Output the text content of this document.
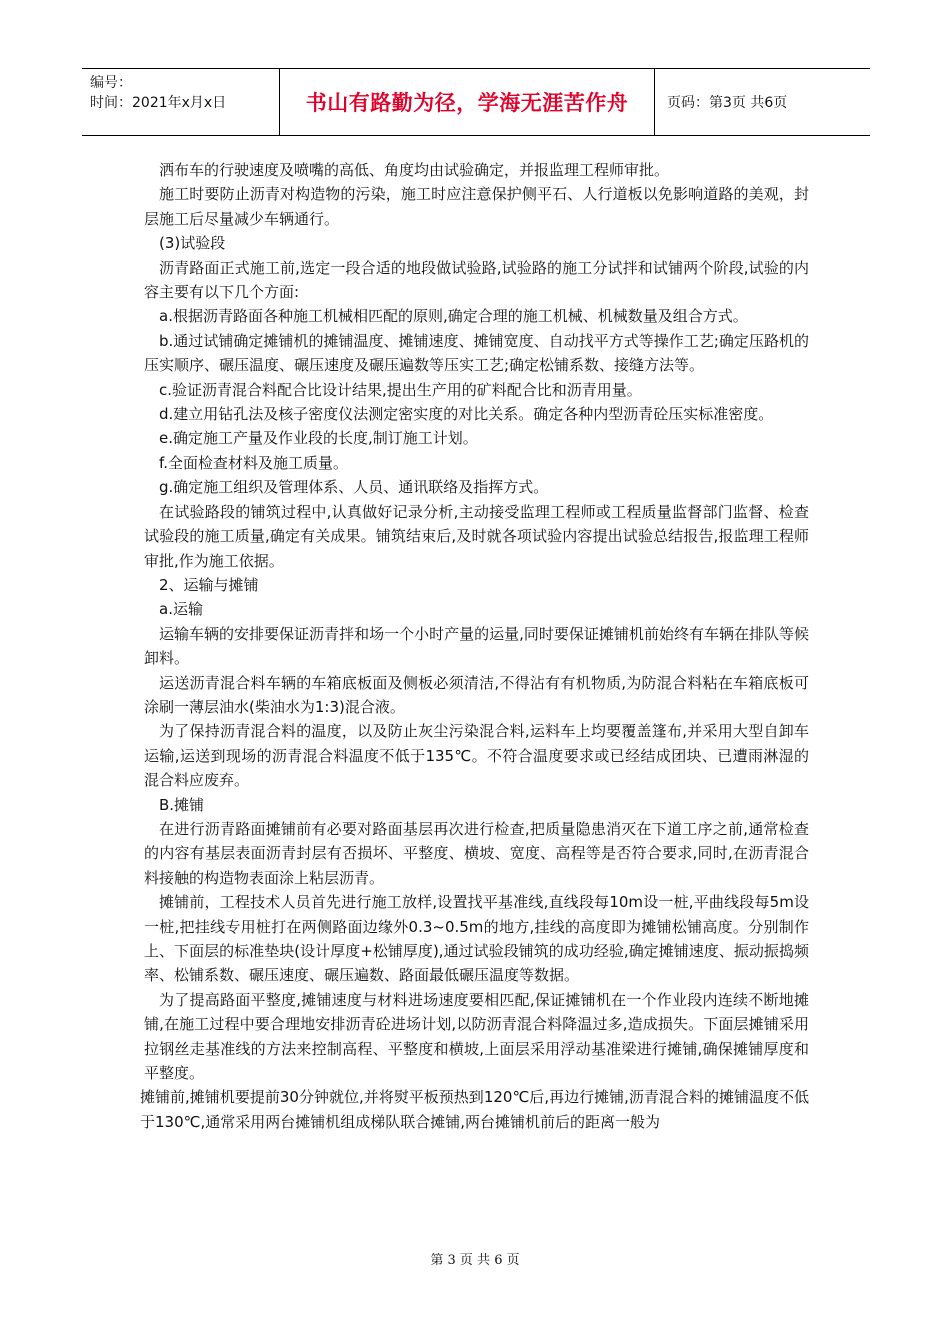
编号：
时间：2021年x月x日	书山有路勤为径，学海无涯苦作舟	页码：第3页 共6页

洒布车的行驶速度及喷嘴的高低、角度均由试验确定，并报监理工程师审批。

施工时要防止沥青对构造物的污染，施工时应注意保护侧平石、人行道板以免影响道路的美观，封层施工后尽量减少车辆通行。

(3)试验段

沥青路面正式施工前,选定一段合适的地段做试验路,试验路的施工分试拌和试铺两个阶段,试验的内容主要有以下几个方面:

a.根据沥青路面各种施工机械相匹配的原则,确定合理的施工机械、机械数量及组合方式。

b.通过试铺确定摊铺机的摊铺温度、摊铺速度、摊铺宽度、自动找平方式等操作工艺;确定压路机的压实顺序、碾压温度、碾压速度及碾压遍数等压实工艺;确定松铺系数、接缝方法等。

c.验证沥青混合料配合比设计结果,提出生产用的矿料配合比和沥青用量。

d.建立用钻孔法及核子密度仪法测定密实度的对比关系。确定各种内型沥青砼压实标准密度。

e.确定施工产量及作业段的长度,制订施工计划。

f.全面检查材料及施工质量。

g.确定施工组织及管理体系、人员、通讯联络及指挥方式。

在试验路段的铺筑过程中,认真做好记录分析,主动接受监理工程师或工程质量监督部门监督、检查试验段的施工质量,确定有关成果。铺筑结束后,及时就各项试验内容提出试验总结报告,报监理工程师审批,作为施工依据。

2、运输与摊铺

a.运输

运输车辆的安排要保证沥青拌和场一个小时产量的运量,同时要保证摊铺机前始终有车辆在排队等候卸料。

运送沥青混合料车辆的车箱底板面及侧板必须清洁,不得沾有有机物质,为防混合料粘在车箱底板可涂刷一薄层油水(柴油水为1:3)混合液。

为了保持沥青混合料的温度，以及防止灰尘污染混合料,运料车上均要覆盖篷布,并采用大型自卸车运输,运送到现场的沥青混合料温度不低于135℃。不符合温度要求或已经结成团块、已遭雨淋湿的混合料应废弃。

B.摊铺

在进行沥青路面摊铺前有必要对路面基层再次进行检查,把质量隐患消灭在下道工序之前,通常检查的内容有基层表面沥青封层有否损坏、平整度、横坡、宽度、高程等是否符合要求,同时,在沥青混合料接触的构造物表面涂上粘层沥青。

摊铺前，工程技术人员首先进行施工放样,设置找平基准线,直线段每10m设一桩,平曲线段每5m设一桩,把挂线专用桩打在两侧路面边缘外0.3~0.5m的地方,挂线的高度即为摊铺松铺高度。分别制作上、下面层的标准垫块(设计厚度+松铺厚度),通过试验段铺筑的成功经验,确定摊铺速度、振动振捣频率、松铺系数、碾压速度、碾压遍数、路面最低碾压温度等数据。

为了提高路面平整度,摊铺速度与材料进场速度要相匹配,保证摊铺机在一个作业段内连续不断地摊铺,在施工过程中要合理地安排沥青砼进场计划,以防沥青混合料降温过多,造成损失。下面层摊铺采用拉钢丝走基准线的方法来控制高程、平整度和横坡,上面层采用浮动基准梁进行摊铺,确保摊铺厚度和平整度。

摊铺前,摊铺机要提前30分钟就位,并将熨平板预热到120℃后,再边行摊铺,沥青混合料的摊铺温度不低于130℃,通常采用两台摊铺机组成梯队联合摊铺,两台摊铺机前后的距离一般为

第 3 页 共 6 页
